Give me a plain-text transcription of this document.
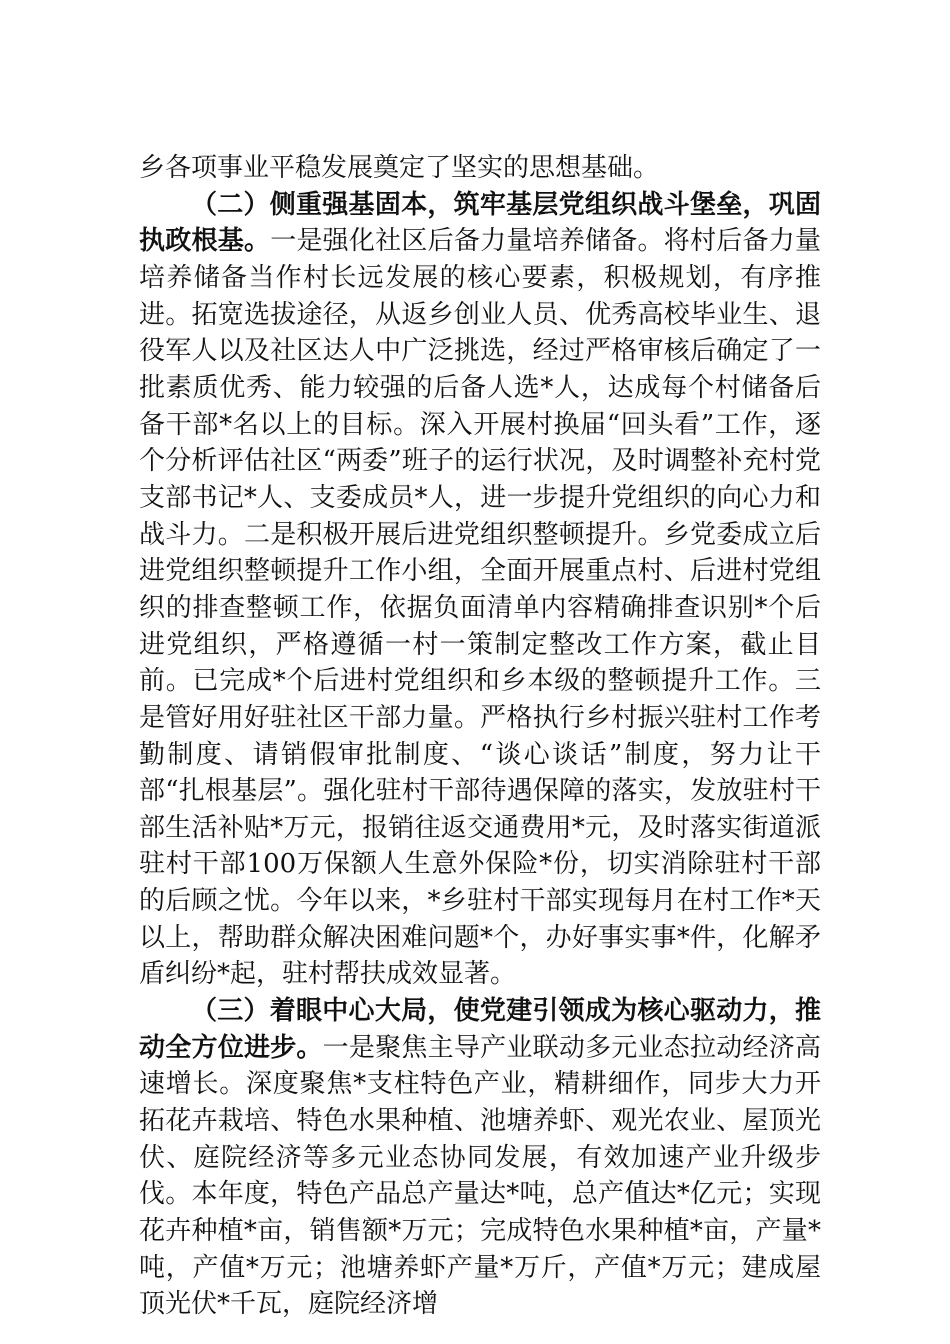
乡各项事业平稳发展奠定了坚实的思想基础。

（二）侧重强基固本，筑牢基层党组织战斗堡垒，巩固执政根基。一是强化社区后备力量培养储备。将村后备力量培养储备当作村长远发展的核心要素，积极规划，有序推进。拓宽选拔途径，从返乡创业人员、优秀高校毕业生、退役军人以及社区达人中广泛挑选，经过严格审核后确定了一批素质优秀、能力较强的后备人选*人，达成每个村储备后备干部*名以上的目标。深入开展村换届“回头看”工作，逐个分析评估社区“两委”班子的运行状况，及时调整补充村党支部书记*人、支委成员*人，进一步提升党组织的向心力和战斗力。二是积极开展后进党组织整顿提升。乡党委成立后进党组织整顿提升工作小组，全面开展重点村、后进村党组织的排查整顿工作，依据负面清单内容精确排查识别*个后进党组织，严格遵循一村一策制定整改工作方案，截止目前。已完成*个后进村党组织和乡本级的整顿提升工作。三是管好用好驻社区干部力量。严格执行乡村振兴驻村工作考勤制度、请销假审批制度、“谈心谈话”制度，努力让干部“扎根基层”。强化驻村干部待遇保障的落实，发放驻村干部生活补贴*万元，报销往返交通费用*元，及时落实街道派驻村干部100万保额人生意外保险*份，切实消除驻村干部的后顾之忧。今年以来，*乡驻村干部实现每月在村工作*天以上，帮助群众解决困难问题*个，办好事实事*件，化解矛盾纠纷*起，驻村帮扶成效显著。

（三）着眼中心大局，使党建引领成为核心驱动力，推动全方位进步。一是聚焦主导产业联动多元业态拉动经济高速增长。深度聚焦*支柱特色产业，精耕细作，同步大力开拓花卉栽培、特色水果种植、池塘养虾、观光农业、屋顶光伏、庭院经济等多元业态协同发展，有效加速产业升级步伐。本年度，特色产品总产量达*吨，总产值达*亿元；实现花卉种植*亩，销售额*万元；完成特色水果种植*亩，产量*吨，产值*万元；池塘养虾产量*万斤，产值*万元；建成屋顶光伏*千瓦，庭院经济增
